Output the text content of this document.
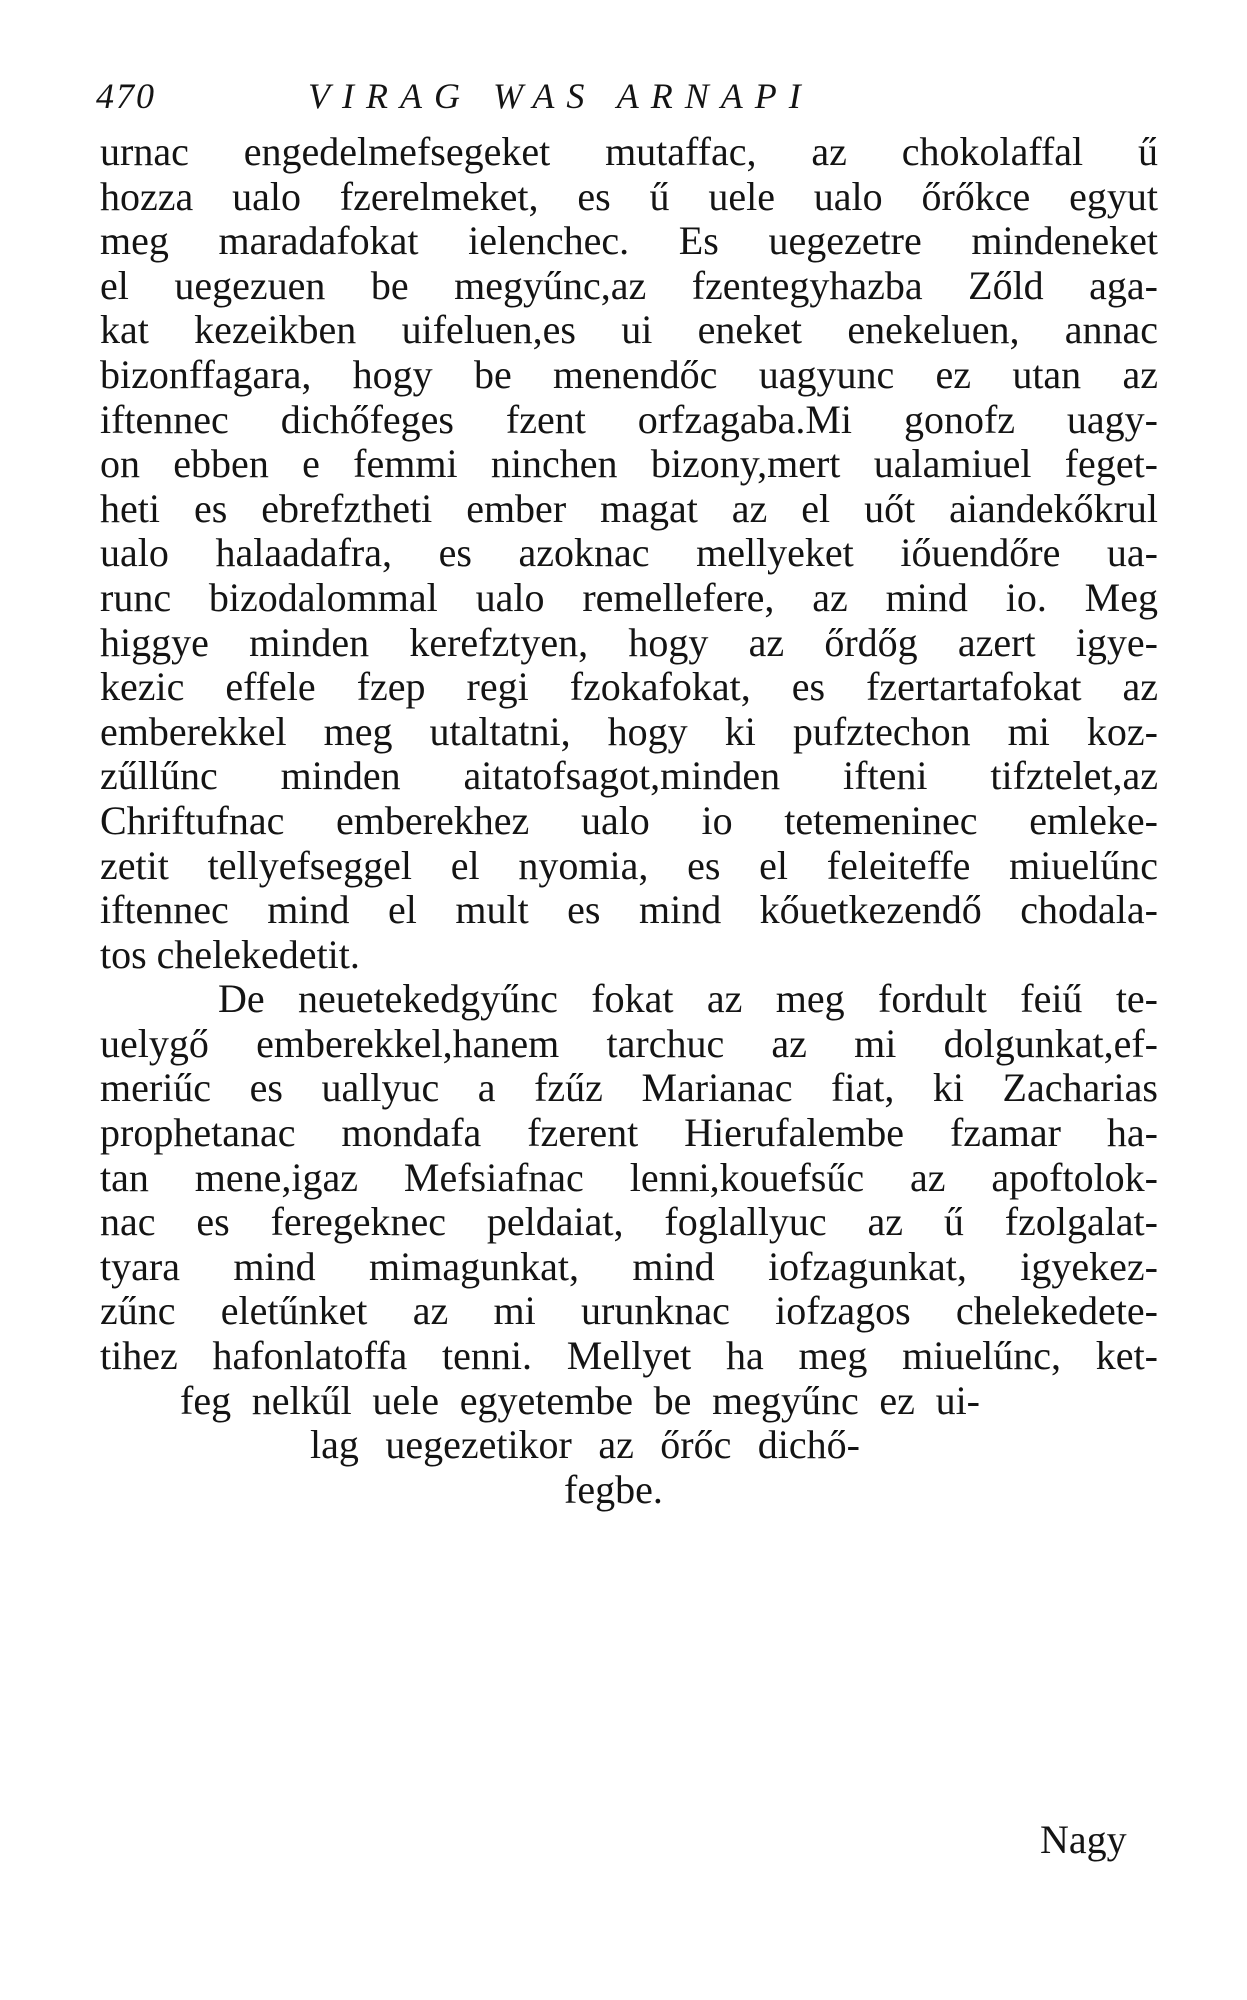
470	VIRAG WAS ARNAPI
urnac engedelmefsegeket mutaffac, az chokolaffal ű
hozza ualo fzerelmeket, es ű uele ualo őrőkce egyut
meg maradafokat ielenchec. Es uegezetre mindeneket
el uegezuen be megyűnc,az fzentegyhazba Zőld aga-
kat kezeikben uifeluen,es ui eneket enekeluen, annac
bizonffagara, hogy be menendőc uagyunc ez utan az
iftennec dichőfeges fzent orfzagaba.Mi gonofz uagy-
on ebben e femmi ninchen bizony,mert ualamiuel feget-
heti es ebrefztheti ember magat az el uőt aiandekőkrul
ualo halaadafra, es azoknac mellyeket iőuendőre ua-
runc bizodalommal ualo remellefere, az mind io. Meg
higgye minden kerefztyen, hogy az őrdőg azert igye-
kezic effele fzep regi fzokafokat, es fzertartafokat az
emberekkel meg utaltatni, hogy ki pufztechon mi koz-
zűllűnc minden aitatofsagot,minden ifteni tifztelet,az
Chriftufnac emberekhez ualo io tetemeninec emleke-
zetit tellyefseggel el nyomia, es el feleiteffe miuelűnc
iftennec mind el mult es mind kőuetkezendő chodala-
tos chelekedetit.
De neuetekedgyűnc fokat az meg fordult feiű te-
uelygő emberekkel,hanem tarchuc az mi dolgunkat,ef-
meriűc es uallyuc a fzűz Marianac fiat, ki Zacharias
prophetanac mondafa fzerent Hierufalembe fzamar ha-
tan mene,igaz Mefsiafnac lenni,kouefsűc az apoftolok-
nac es feregeknec peldaiat, foglallyuc az ű fzolgalat-
tyara mind mimagunkat, mind iofzagunkat, igyekez-
zűnc eletűnket az mi urunknac iofzagos chelekedete-
tihez hafonlatoffa tenni. Mellyet ha meg miuelűnc, ket-
feg nelkűl uele egyetembe be megyűnc ez ui-
lag uegezetikor az őrőc dichő-
fegbe.
Nagy
